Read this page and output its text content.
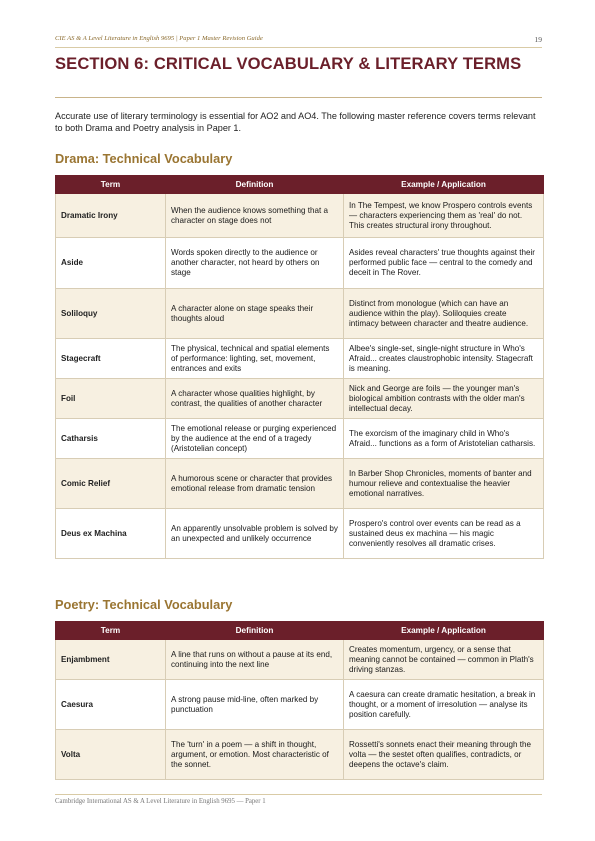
CIE AS & A Level Literature in English 9695 | Paper 1 Master Revision Guide	19
SECTION 6: CRITICAL VOCABULARY & LITERARY TERMS

Accurate use of literary terminology is essential for AO2 and AO4. The following master reference covers terms relevant to both Drama and Poetry analysis in Paper 1.

Drama: Technical Vocabulary
Term	Definition	Example / Application
Dramatic Irony	When the audience knows something that a character on stage does not	In The Tempest, we know Prospero controls events — characters experiencing them as 'real' do not. This creates structural irony throughout.
Aside	Words spoken directly to the audience or another character, not heard by others on stage	Asides reveal characters' true thoughts against their performed public face — central to the comedy and deceit in The Rover.
Soliloquy	A character alone on stage speaks their thoughts aloud	Distinct from monologue (which can have an audience within the play). Soliloquies create intimacy between character and theatre audience.
Stagecraft	The physical, technical and spatial elements of performance: lighting, set, movement, entrances and exits	Albee's single-set, single-night structure in Who's Afraid... creates claustrophobic intensity. Stagecraft is meaning.
Foil	A character whose qualities highlight, by contrast, the qualities of another character	Nick and George are foils — the younger man's biological ambition contrasts with the older man's intellectual decay.
Catharsis	The emotional release or purging experienced by the audience at the end of a tragedy (Aristotelian concept)	The exorcism of the imaginary child in Who's Afraid... functions as a form of Aristotelian catharsis.
Comic Relief	A humorous scene or character that provides emotional release from dramatic tension	In Barber Shop Chronicles, moments of banter and humour relieve and contextualise the heavier emotional narratives.
Deus ex Machina	An apparently unsolvable problem is solved by an unexpected and unlikely occurrence	Prospero's control over events can be read as a sustained deus ex machina — his magic conveniently resolves all dramatic crises.
Poetry: Technical Vocabulary
Term	Definition	Example / Application
Enjambment	A line that runs on without a pause at its end, continuing into the next line	Creates momentum, urgency, or a sense that meaning cannot be contained — common in Plath's driving stanzas.
Caesura	A strong pause mid-line, often marked by punctuation	A caesura can create dramatic hesitation, a break in thought, or a moment of irresolution — analyse its position carefully.
Volta	The 'turn' in a poem — a shift in thought, argument, or emotion. Most characteristic of the sonnet.	Rossetti's sonnets enact their meaning through the volta — the sestet often qualifies, contradicts, or deepens the octave's claim.
Cambridge International AS & A Level Literature in English 9695 — Paper 1
